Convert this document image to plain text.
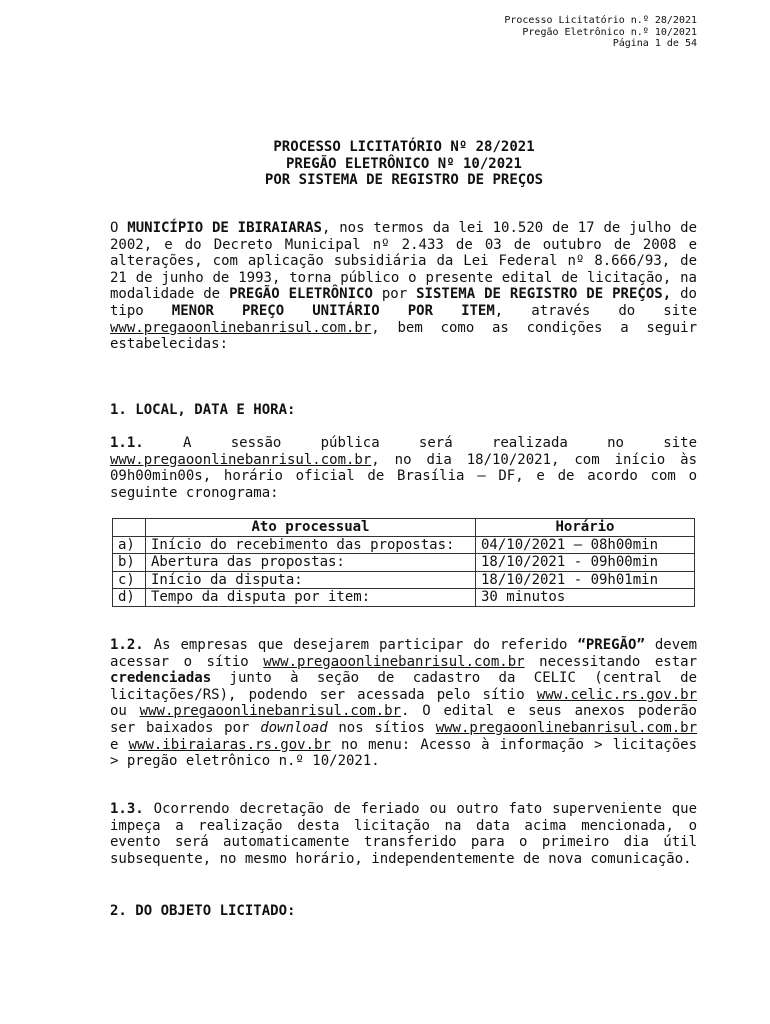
Processo Licitatório n.º 28/2021
Pregão Eletrônico n.º 10/2021
Página 1 de 54
PROCESSO LICITATÓRIO Nº 28/2021
PREGÃO ELETRÔNICO Nº 10/2021
POR SISTEMA DE REGISTRO DE PREÇOS
O MUNICÍPIO DE IBIRAIARAS, nos termos da lei 10.520 de 17 de julho de 2002, e do Decreto Municipal nº 2.433 de 03 de outubro de 2008 e alterações, com aplicação subsidiária da Lei Federal nº 8.666/93, de 21 de junho de 1993, torna público o presente edital de licitação, na modalidade de PREGÃO ELETRÔNICO por SISTEMA DE REGISTRO DE PREÇOS, do tipo MENOR PREÇO UNITÁRIO POR ITEM, através do site www.pregaoonlinebanrisul.com.br, bem como as condições a seguir estabelecidas:
1. LOCAL, DATA E HORA:
1.1. A sessão pública será realizada no site www.pregaoonlinebanrisul.com.br, no dia 18/10/2021, com início às 09h00min00s, horário oficial de Brasília – DF, e de acordo com o seguinte cronograma:
	Ato processual	Horário
a)	Início do recebimento das propostas:	04/10/2021 – 08h00min
b)	Abertura das propostas:	18/10/2021 - 09h00min
c)	Início da disputa:	18/10/2021 - 09h01min
d)	Tempo da disputa por item:	30 minutos
1.2. As empresas que desejarem participar do referido “PREGÃO” devem acessar o sítio www.pregaoonlinebanrisul.com.br necessitando estar credenciadas junto à seção de cadastro da CELIC (central de licitações/RS), podendo ser acessada pelo sítio www.celic.rs.gov.br ou www.pregaoonlinebanrisul.com.br. O edital e seus anexos poderão ser baixados por download nos sítios www.pregaoonlinebanrisul.com.br e www.ibiraiaras.rs.gov.br no menu: Acesso à informação > licitações > pregão eletrônico n.º 10/2021.
1.3. Ocorrendo decretação de feriado ou outro fato superveniente que impeça a realização desta licitação na data acima mencionada, o evento será automaticamente transferido para o primeiro dia útil subsequente, no mesmo horário, independentemente de nova comunicação.
2. DO OBJETO LICITADO:
